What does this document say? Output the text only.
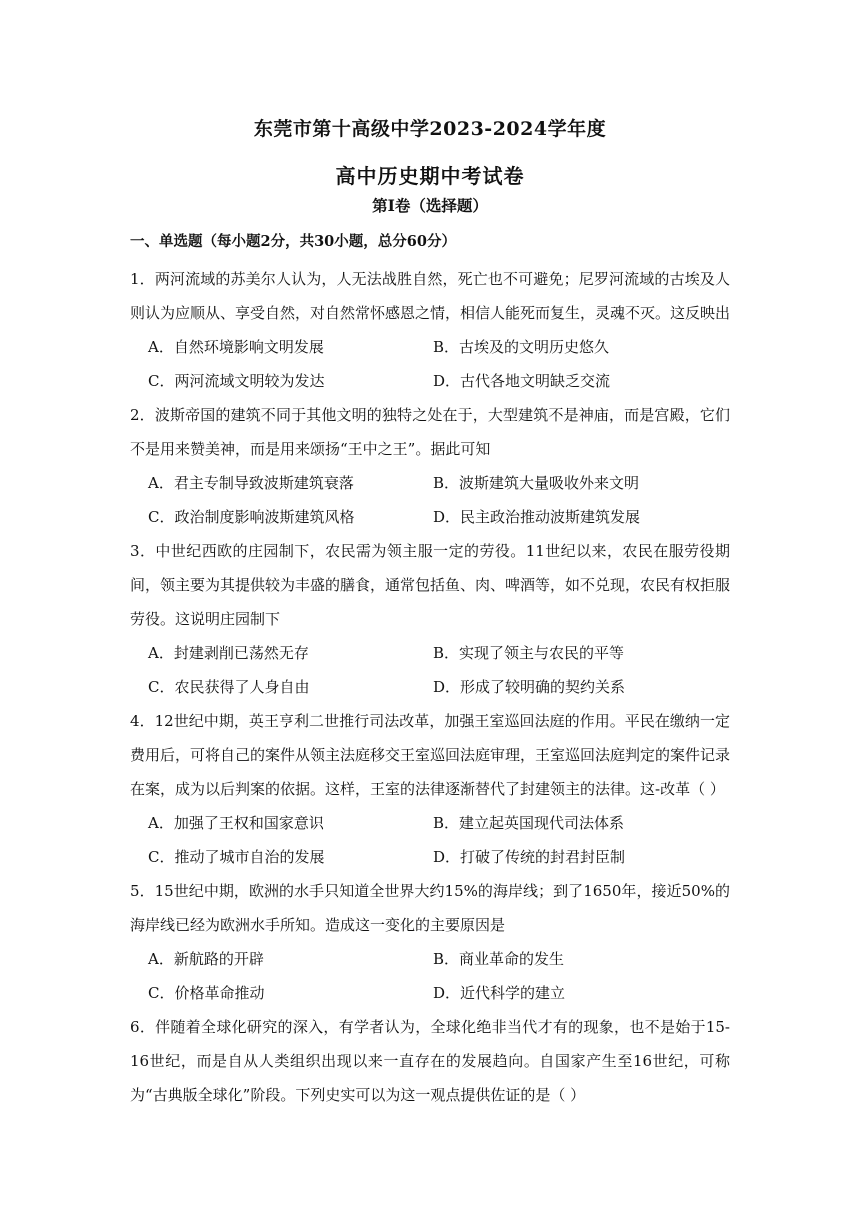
东莞市第十高级中学2023-2024学年度
高中历史期中考试卷
第Ⅰ卷（选择题）
一、单选题（每小题2分，共30小题，总分60分）
1．两河流域的苏美尔人认为，人无法战胜自然，死亡也不可避免；尼罗河流域的古埃及人则认为应顺从、享受自然，对自然常怀感恩之情，相信人能死而复生，灵魂不灭。这反映出
A．自然环境影响文明发展	B．古埃及的文明历史悠久
C．两河流域文明较为发达	D．古代各地文明缺乏交流
2．波斯帝国的建筑不同于其他文明的独特之处在于，大型建筑不是神庙，而是宫殿，它们不是用来赞美神，而是用来颂扬“王中之王”。据此可知
A．君主专制导致波斯建筑衰落	B．波斯建筑大量吸收外来文明
C．政治制度影响波斯建筑风格	D．民主政治推动波斯建筑发展
3．中世纪西欧的庄园制下，农民需为领主服一定的劳役。11世纪以来，农民在服劳役期间，领主要为其提供较为丰盛的膳食，通常包括鱼、肉、啤酒等，如不兑现，农民有权拒服劳役。这说明庄园制下
A．封建剥削已荡然无存	B．实现了领主与农民的平等
C．农民获得了人身自由	D．形成了较明确的契约关系
4．12世纪中期，英王亨利二世推行司法改革，加强王室巡回法庭的作用。平民在缴纳一定费用后，可将自己的案件从领主法庭移交王室巡回法庭审理，王室巡回法庭判定的案件记录在案，成为以后判案的依据。这样，王室的法律逐渐替代了封建领主的法律。这-改革（ ）
A．加强了王权和国家意识	B．建立起英国现代司法体系
C．推动了城市自治的发展	D．打破了传统的封君封臣制
5．15世纪中期，欧洲的水手只知道全世界大约15%的海岸线；到了1650年，接近50%的海岸线已经为欧洲水手所知。造成这一变化的主要原因是
A．新航路的开辟	B．商业革命的发生
C．价格革命推动	D．近代科学的建立
6．伴随着全球化研究的深入，有学者认为，全球化绝非当代才有的现象，也不是始于15-16世纪，而是自从人类组织出现以来一直存在的发展趋向。自国家产生至16世纪，可称为“古典版全球化”阶段。下列史实可以为这一观点提供佐证的是（ ）
